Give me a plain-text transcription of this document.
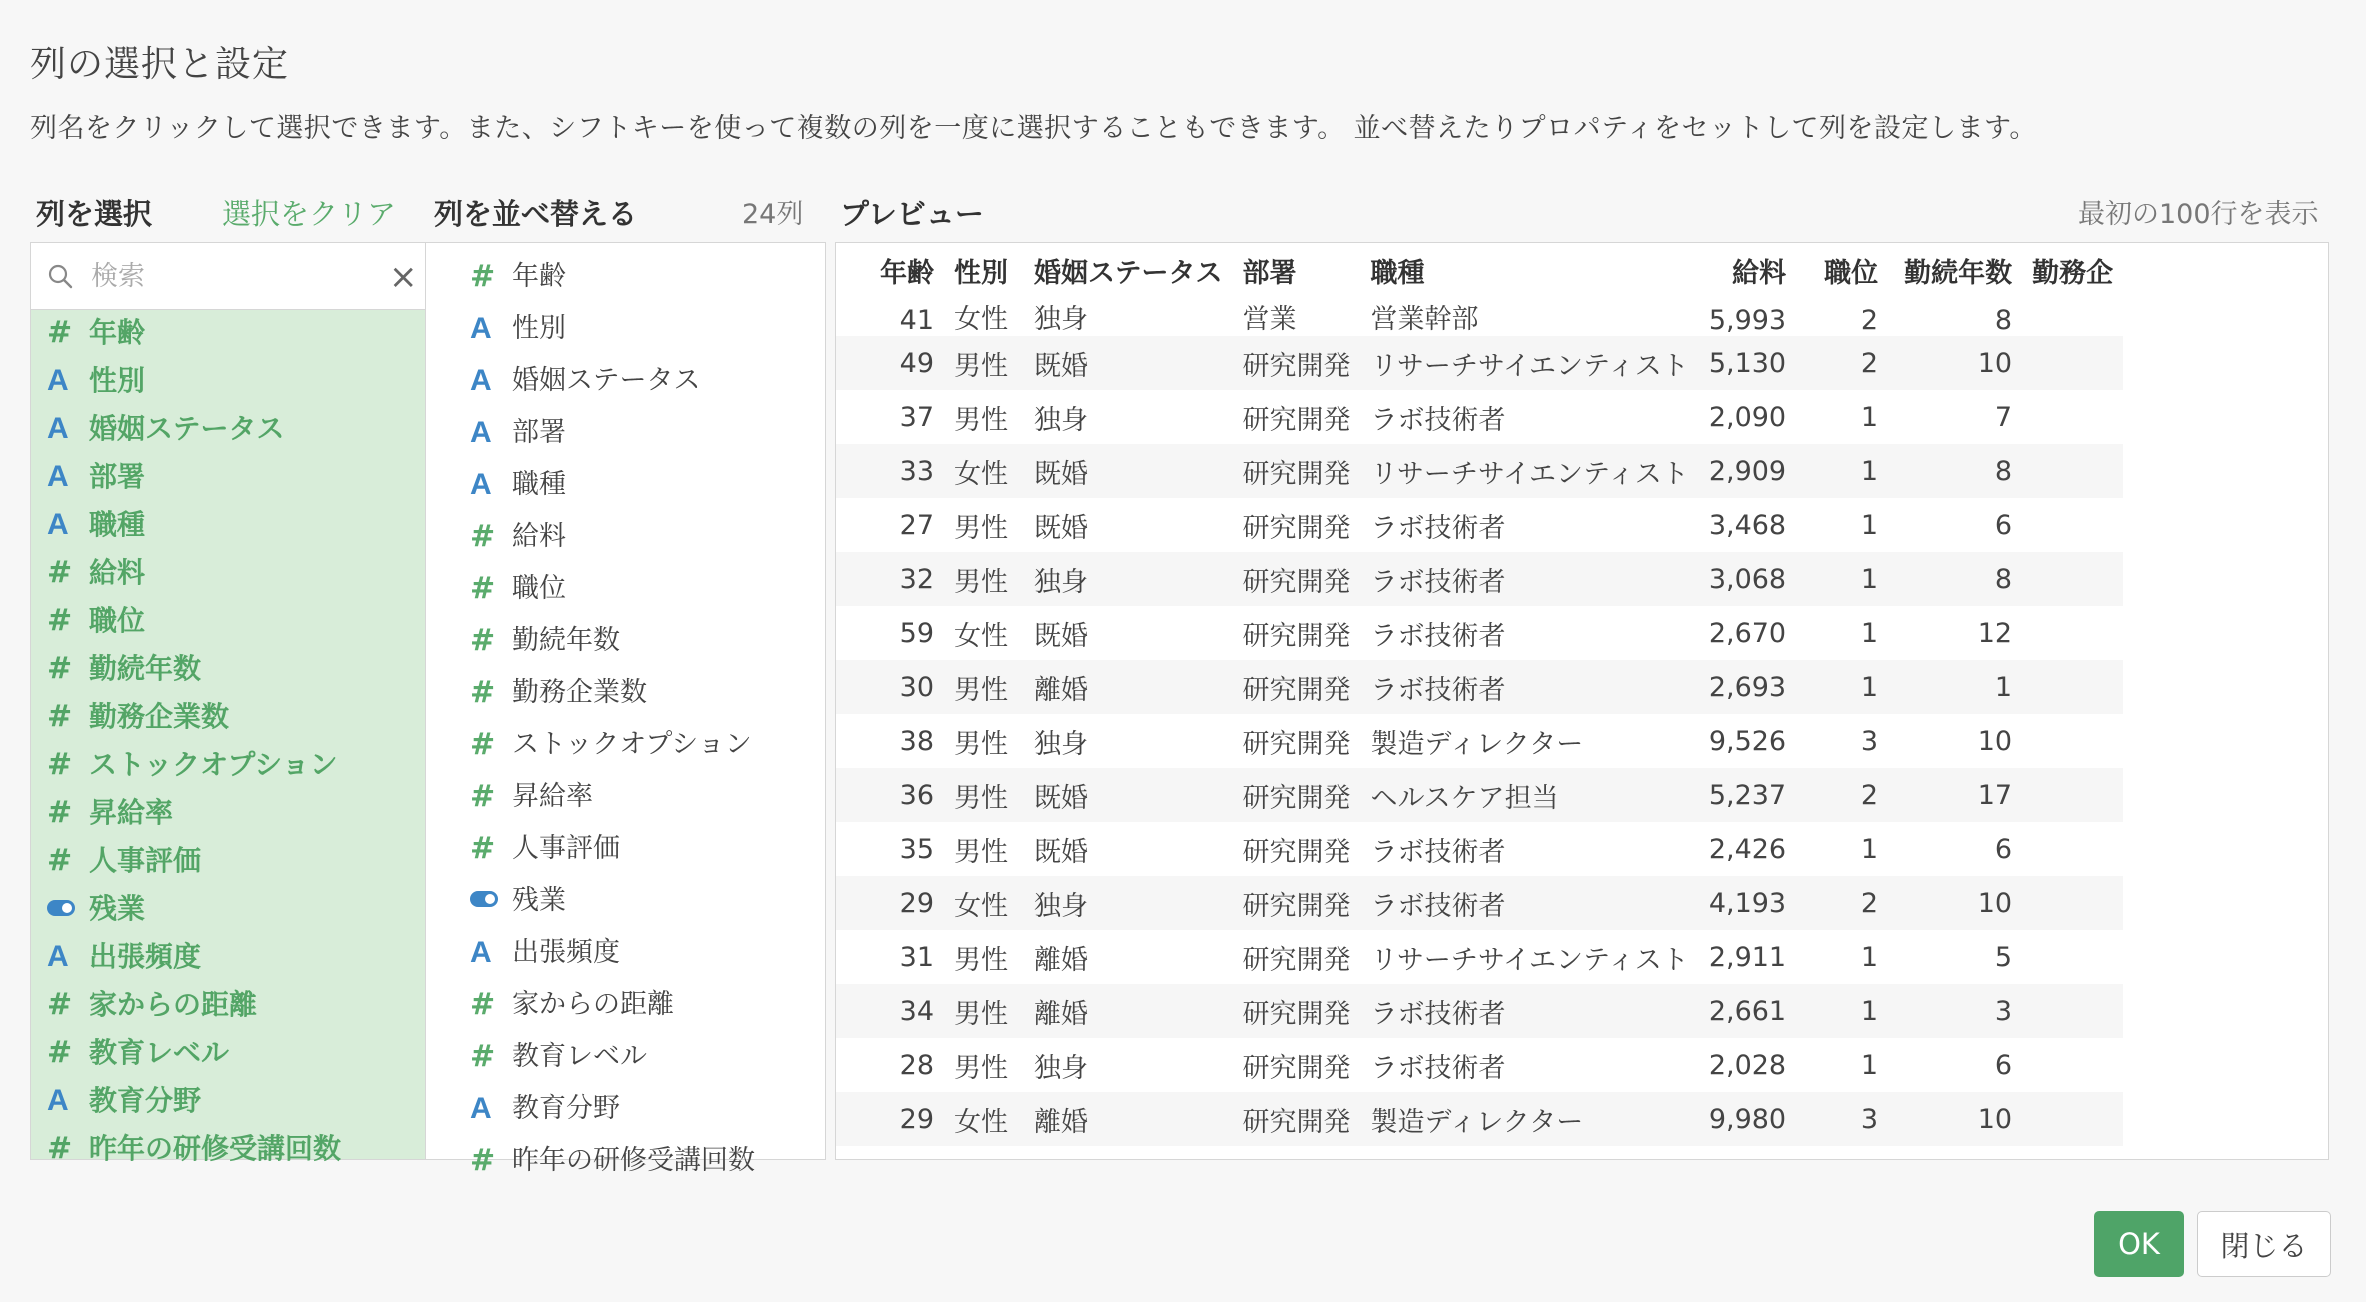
列の選択と設定
列名をクリックして選択できます。また、シフトキーを使って複数の列を一度に選択することもできます。 並べ替えたりプロパティをセットして列を設定します。
列を選択 選択をクリア 列を並べ替える	24列 プレビュー	最初の100行を表示
検索
×
# 年齢
A 性別
A 婚姻ステータス
A 部署
A 職種
# 給料
# 職位
# 勤続年数
# 勤務企業数
# ストックオプション
# 昇給率
# 人事評価
残業
A 出張頻度
# 家からの距離
# 教育レベル
A 教育分野
# 昨年の研修受講回数
# 年齢
A 性別
A 婚姻ステータス
A 部署
A 職種
# 給料
# 職位
# 勤続年数
# 勤務企業数
# ストックオプション
# 昇給率
# 人事評価
残業
A 出張頻度
# 家からの距離
# 教育レベル
A 教育分野
# 昨年の研修受講回数
年齢	性別	婚姻ステータス	部署	職種	給料	職位	勤続年数	勤務企
41	女性	独身	営業	営業幹部	5,993	2	8	
49	男性	既婚	研究開発	リサーチサイエンティスト	5,130	2	10	
37	男性	独身	研究開発	ラボ技術者	2,090	1	7	
33	女性	既婚	研究開発	リサーチサイエンティスト	2,909	1	8	
27	男性	既婚	研究開発	ラボ技術者	3,468	1	6	
32	男性	独身	研究開発	ラボ技術者	3,068	1	8	
59	女性	既婚	研究開発	ラボ技術者	2,670	1	12	
30	男性	離婚	研究開発	ラボ技術者	2,693	1	1	
38	男性	独身	研究開発	製造ディレクター	9,526	3	10	
36	男性	既婚	研究開発	ヘルスケア担当	5,237	2	17	
35	男性	既婚	研究開発	ラボ技術者	2,426	1	6	
29	女性	独身	研究開発	ラボ技術者	4,193	2	10	
31	男性	離婚	研究開発	リサーチサイエンティスト	2,911	1	5	
34	男性	離婚	研究開発	ラボ技術者	2,661	1	3	
28	男性	独身	研究開発	ラボ技術者	2,028	1	6	
29	女性	離婚	研究開発	製造ディレクター	9,980	3	10	
OK	閉じる
